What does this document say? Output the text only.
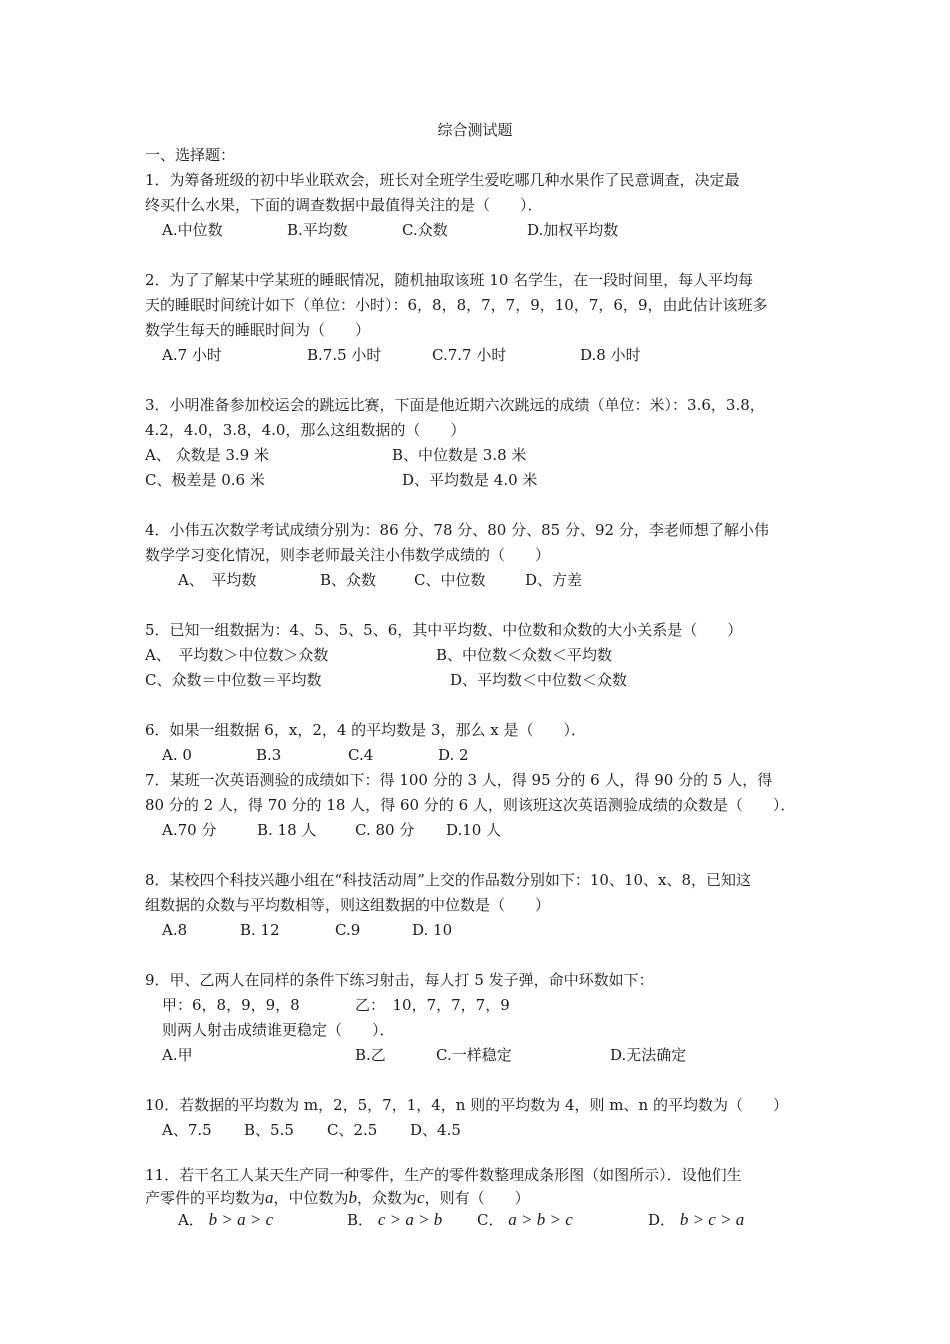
综合测试题
一、选择题：
1．为筹备班级的初中毕业联欢会，班长对全班学生爱吃哪几种水果作了民意调查，决定最
终买什么水果，下面的调查数据中最值得关注的是（　　）．
A.中位数	B.平均数	C.众数	D.加权平均数
2．为了了解某中学某班的睡眠情况，随机抽取该班 10 名学生，在一段时间里，每人平均每
天的睡眠时间统计如下（单位：小时）：6，8，8，7，7，9，10，7，6，9，由此估计该班多
数学生每天的睡眠时间为（　　）
A.7 小时	B.7.5 小时	C.7.7 小时	D.8 小时
3．小明准备参加校运会的跳远比赛，下面是他近期六次跳远的成绩（单位：米）：3.6，3.8，
4.2，4.0，3.8，4.0，那么这组数据的（　　）
A、 众数是 3.9 米	B、中位数是 3.8 米
C、极差是 0.6 米	D、平均数是 4.0 米
4．小伟五次数学考试成绩分别为：86 分、78 分、80 分、85 分、92 分，李老师想了解小伟
数学学习变化情况，则李老师最关注小伟数学成绩的（　　）
A、　平均数	B、众数	C、中位数	D、方差
5．已知一组数据为：4、5、5、5、6，其中平均数、中位数和众数的大小关系是（　　）
A、　平均数＞中位数＞众数	B、中位数＜众数＜平均数
C、众数＝中位数＝平均数	D、平均数＜中位数＜众数
6．如果一组数据 6，x，2，4 的平均数是 3，那么 x 是（　　）．
A. 0	B.3	C.4	D. 2
7．某班一次英语测验的成绩如下：得 100 分的 3 人，得 95 分的 6 人，得 90 分的 5 人，得
80 分的 2 人，得 70 分的 18 人，得 60 分的 6 人，则该班这次英语测验成绩的众数是（　　）．
A.70 分	B. 18 人	C. 80 分 D.10 人
8．某校四个科技兴趣小组在“科技活动周”上交的作品数分别如下：10、10、x、8，已知这
组数据的众数与平均数相等，则这组数据的中位数是（　　）
A.8	B. 12	C.9	D. 10
9．甲、乙两人在同样的条件下练习射击，每人打 5 发子弹，命中环数如下：
甲：6，8，9，9，8	乙：　10，7，7，7，9
则两人射击成绩谁更稳定（　　）．
A.甲	B.乙	C.一样稳定	D.无法确定
10．若数据的平均数为 m，2，5，7，1，4，n 则的平均数为 4，则 m、n 的平均数为（　　）
A、7.5 B、5.5 C、2.5 D、4.5
11．若干名工人某天生产同一种零件，生产的零件数整理成条形图（如图所示）．设他们生
产零件的平均数为a，中位数为b，众数为c，则有（　　）
A． b > a > c	B． c > a > b C． a > b > c	D． b > c > a
